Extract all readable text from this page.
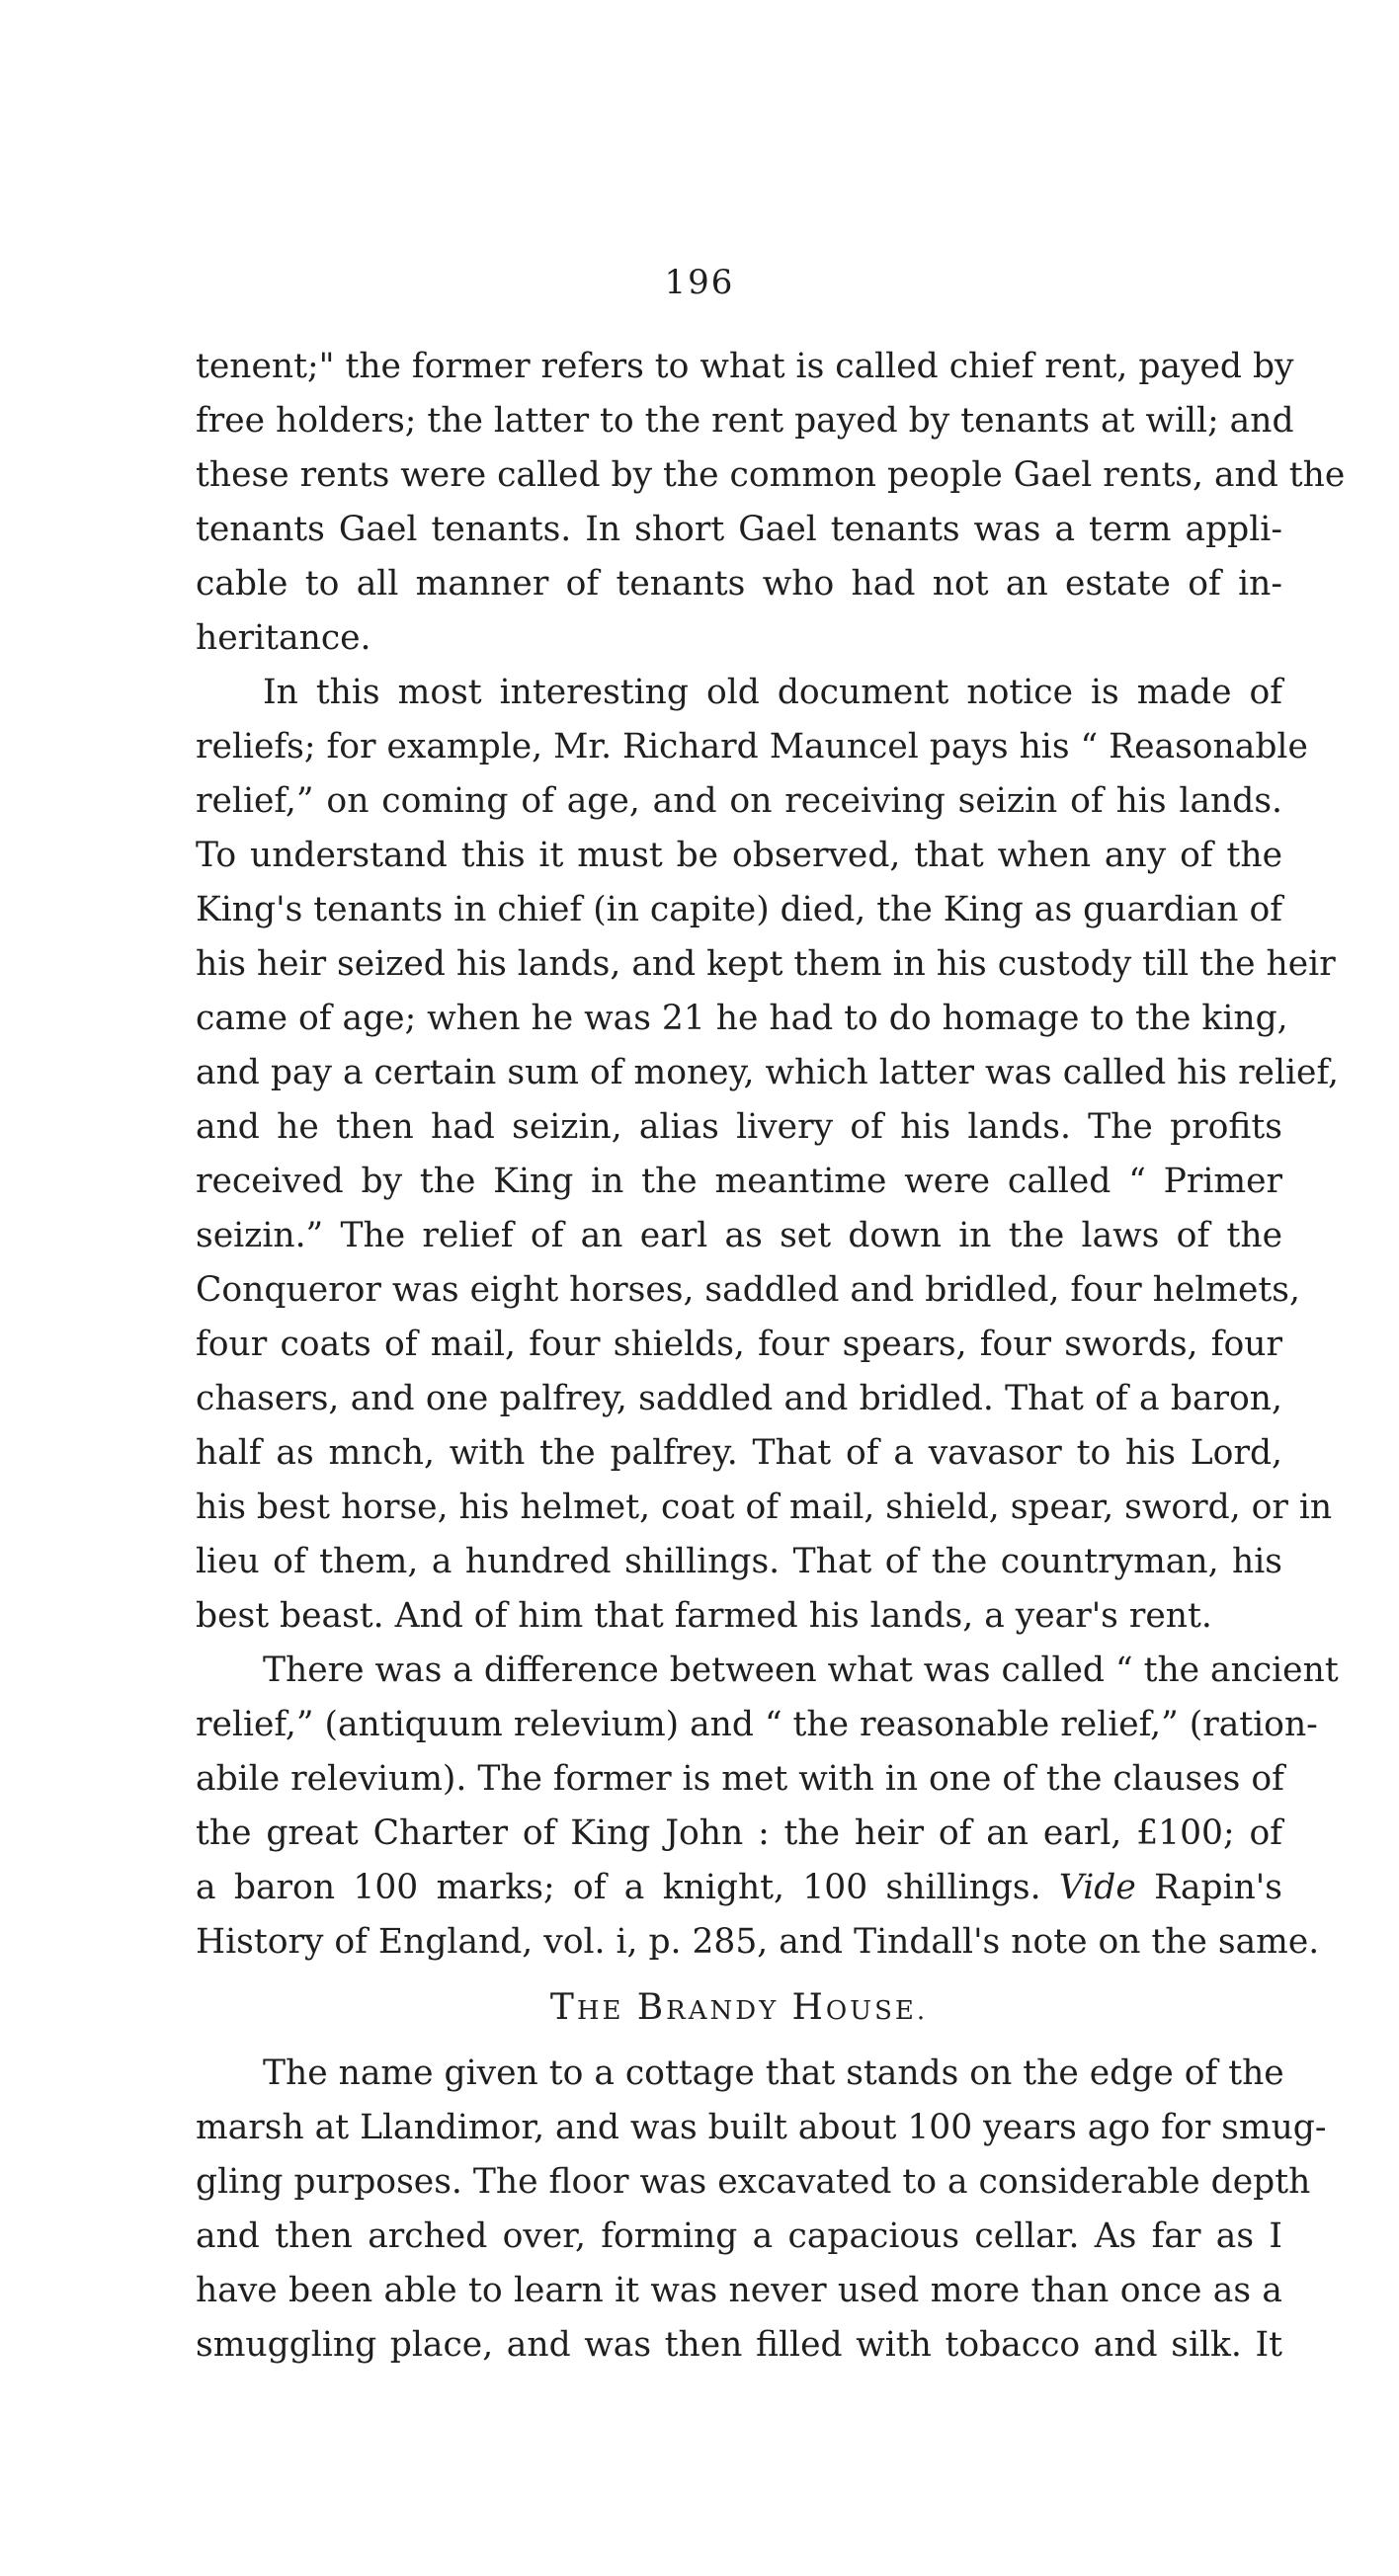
196
tenent;" the former refers to what is called chief rent, payed by
free holders; the latter to the rent payed by tenants at will; and
these rents were called by the common people Gael rents, and the
tenants Gael tenants. In short Gael tenants was a term appli-
cable to all manner of tenants who had not an estate of in-
heritance.
In this most interesting old document notice is made of
reliefs; for example, Mr. Richard Mauncel pays his “ Reasonable
relief,” on coming of age, and on receiving seizin of his lands.
To understand this it must be observed, that when any of the
King's tenants in chief (in capite) died, the King as guardian of
his heir seized his lands, and kept them in his custody till the heir
came of age; when he was 21 he had to do homage to the king,
and pay a certain sum of money, which latter was called his relief,
and he then had seizin, alias livery of his lands. The profits
received by the King in the meantime were called “ Primer
seizin.” The relief of an earl as set down in the laws of the
Conqueror was eight horses, saddled and bridled, four helmets,
four coats of mail, four shields, four spears, four swords, four
chasers, and one palfrey, saddled and bridled. That of a baron,
half as mnch, with the palfrey. That of a vavasor to his Lord,
his best horse, his helmet, coat of mail, shield, spear, sword, or in
lieu of them, a hundred shillings. That of the countryman, his
best beast. And of him that farmed his lands, a year's rent.
There was a difference between what was called “ the ancient
relief,” (antiquum relevium) and “ the reasonable relief,” (ration-
abile relevium). The former is met with in one of the clauses of
the great Charter of King John : the heir of an earl, £100; of
a baron 100 marks; of a knight, 100 shillings. Vide Rapin's
History of England, vol. i, p. 285, and Tindall's note on the same.
THE BRANDY HOUSE.
The name given to a cottage that stands on the edge of the
marsh at Llandimor, and was built about 100 years ago for smug-
gling purposes. The floor was excavated to a considerable depth
and then arched over, forming a capacious cellar. As far as I
have been able to learn it was never used more than once as a
smuggling place, and was then filled with tobacco and silk. It
